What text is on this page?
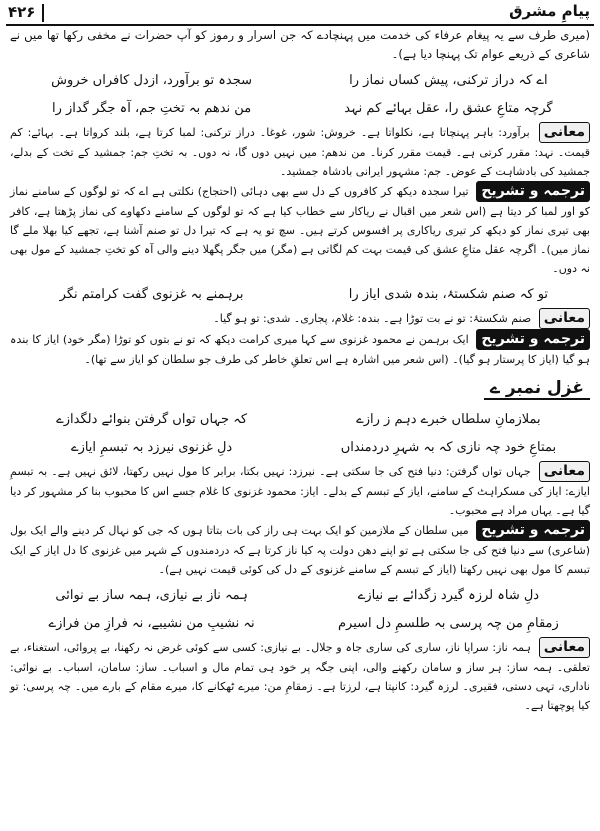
۴۲۶	پیامِ مشرق

(میری طرف سے یہ پیغام عرفاء کی خدمت میں پہنچادے کہ جن اسرار و رموز کو آپ حضرات نے مخفی رکھا تھا میں نے شاعری کے ذریعے عوام تک پہنچا دیا ہے)۔

اے کہ دراز ترکنی، پیش کساں نماز را
سجدہ تو برآورد، ازدل کافراں خروش
گرچہ متاعِ عشق را، عقل بہائے کم نہد
من ندھم بہ تختِ جم، آہ جگر گداز را

معانی برآورد: باہر پہنچاتا ہے، نکلواتا ہے۔ خروش: شور، غوغا۔ دراز ترکنی: لمبا کرتا ہے، بلند کرواتا ہے۔ بہائے: کم قیمت۔ نہد: مقرر کرتی ہے۔ قیمت مقرر کرنا۔ من ندھم: میں نہیں دوں گا، نہ دوں۔ بہ تختِ جم: جمشید کے تخت کے بدلے، جمشید کی بادشاہت کے عوض۔ جم: مشہور ایرانی بادشاہ جمشید۔

ترجمہ و تشریح تیرا سجدہ دیکھ کر کافروں کے دل سے بھی دہائی (احتجاج) نکلتی ہے اے کہ تو لوگوں کے سامنے نماز کو اور لمبا کر دیتا ہے (اس شعر میں اقبال نے ریاکار سے خطاب کیا ہے کہ تو لوگوں کے سامنے دکھاوے کی نماز پڑھتا ہے، کافر بھی تیری نماز کو دیکھ کر تیری ریاکاری پر افسوس کرتے ہیں۔ سچ تو یہ ہے کہ تیرا دل تو صنم آشنا ہے، تجھے کیا بھلا ملے گا نماز میں)۔ اگرچہ عقل متاعِ عشق کی قیمت بہت کم لگاتی ہے (مگر) میں جگر پگھلا دینے والی آہ کو تختِ جمشید کے مول بھی نہ دوں۔

تو کہ صنم شکستۂ، بندہ شدی ایاز را
برہمنے بہ غزنوی گفت کرامتم نگر

معانی صنم شکستۂ: تو نے بت توڑا ہے۔ بندہ: غلام، پجاری۔ شدی: تو ہو گیا۔

ترجمہ و تشریح ایک برہمن نے محمود غزنوی سے کہا میری کرامت دیکھ کہ تو نے بتوں کو توڑا (مگر خود) ایاز کا بندہ ہو گیا (ایاز کا پرستار ہو گیا)۔ (اس شعر میں اشارہ ہے اس تعلقِ خاطر کی طرف جو سلطان کو ایاز سے تھا)۔

غزل نمبر ے
بملازمانِ سلطاں خبرے دہم ز رازے
کہ جہاں تواں گرفتن بنوائے دلگدازے
بمتاعِ خود چہ نازی کہ بہ شہرِ دردمنداں
دلِ غزنوی نیرزد بہ تبسمِ ایازے

معانی جہاں تواں گرفتن: دنیا فتح کی جا سکتی ہے۔ نیرزد: نہیں بکتا، برابر کا مول نہیں رکھتا، لائق نہیں ہے۔ بہ تبسمِ ایازے: ایاز کی مسکراہٹ کے سامنے، ایاز کے تبسم کے بدلے۔ ایاز: محمود غزنوی کا غلام جسے اس کا محبوب بنا کر مشہور کر دیا گیا ہے۔ یہاں مراد ہے محبوب۔

ترجمہ و تشریح میں سلطان کے ملازمین کو ایک بہت ہی راز کی بات بتاتا ہوں کہ جی کو نہال کر دینے والے ایک بول (شاعری) سے دنیا فتح کی جا سکتی ہے تو اپنے دھن دولت پہ کیا ناز کرتا ہے کہ دردمندوں کے شہر میں غزنوی کا دل ایاز کے ایک تبسم کا مول بھی نہیں رکھتا (ایاز کے تبسم کے سامنے غزنوی کے دل کی کوئی قیمت نہیں ہے)۔

دلِ شاہ لرزہ گیرد زگدائے بے نیازے
ہمہ ناز بے نیازی، ہمہ ساز بے نوائی
زمقامِ من چہ پرسی بہ طلسمِ دل اسیرم
نہ نشیبِ من نشیبے، نہ فرازِ من فرازے

معانی ہمہ ناز: سراپا ناز، ساری کی ساری جاہ و جلال۔ بے نیازی: کسی سے کوئی غرض نہ رکھنا، بے پروائی، استغناء، بے تعلقی۔ ہمہ ساز: ہر ساز و سامان رکھنے والی، اپنی جگہ پر خود ہی تمام مال و اسباب۔ ساز: سامان، اسباب۔ بے نوائی: ناداری، تہی دستی، فقیری۔ لرزہ گیرد: کانپتا ہے، لرزتا ہے۔ زمقامِ من: میرے ٹھکانے کا، میرے مقام کے بارے میں۔ چہ پرسی: تو کیا پوچھتا ہے۔
